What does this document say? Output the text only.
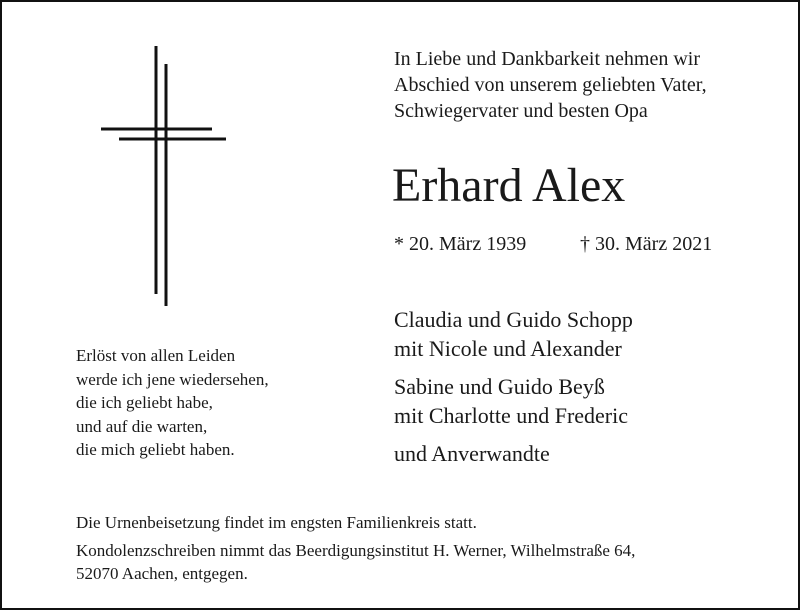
In Liebe und Dankbarkeit nehmen wir
Abschied von unserem geliebten Vater,
Schwiegervater und besten Opa
Erhard Alex
* 20. März 1939	† 30. März 2021
Claudia und Guido Schopp
mit Nicole und Alexander
Sabine und Guido Beyß
mit Charlotte und Frederic
und Anverwandte
Erlöst von allen Leiden
werde ich jene wiedersehen,
die ich geliebt habe,
und auf die warten,
die mich geliebt haben.
Die Urnenbeisetzung findet im engsten Familienkreis statt.
Kondolenzschreiben nimmt das Beerdigungsinstitut H. Werner, Wilhelmstraße 64,
52070 Aachen, entgegen.
